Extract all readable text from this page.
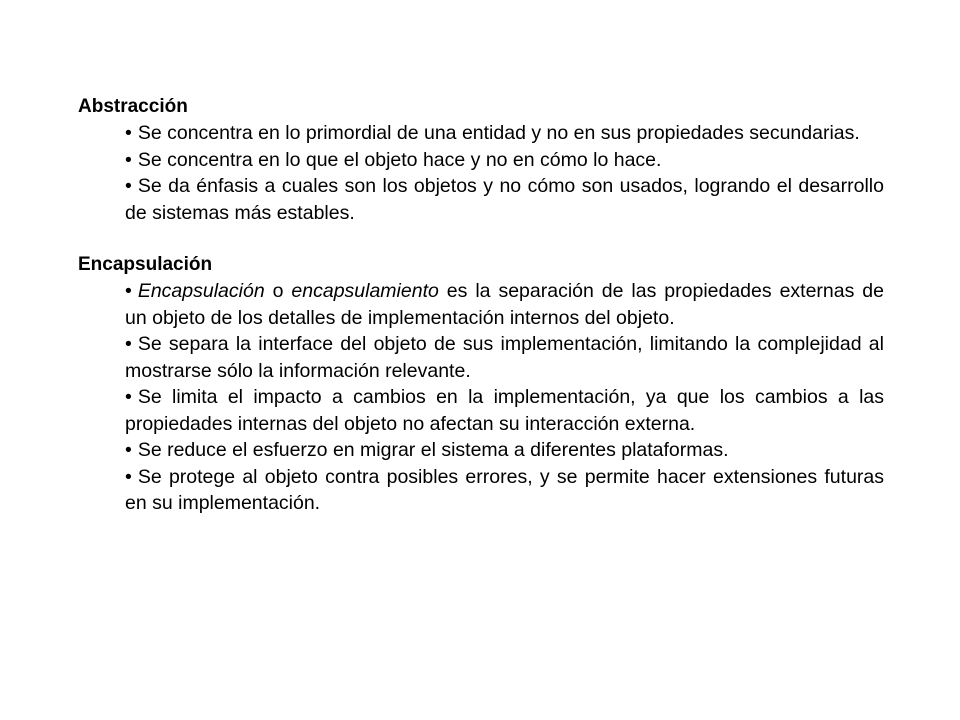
Abstracción

• Se concentra en lo primordial de una entidad y no en sus propiedades secundarias.
• Se concentra en lo que el objeto hace y no en cómo lo hace.
• Se da énfasis a cuales son los objetos y no cómo son usados, logrando el desarrollo de sistemas más estables.

Encapsulación

• Encapsulación o encapsulamiento es la separación de las propiedades externas de un objeto de los detalles de implementación internos del objeto.
• Se separa la interface del objeto de sus implementación, limitando la complejidad al mostrarse sólo la información relevante.
• Se limita el impacto a cambios en la implementación, ya que los cambios a las propiedades internas del objeto no afectan su interacción externa.
• Se reduce el esfuerzo en migrar el sistema a diferentes plataformas.
• Se protege al objeto contra posibles errores, y se permite hacer extensiones futuras en su implementación.
